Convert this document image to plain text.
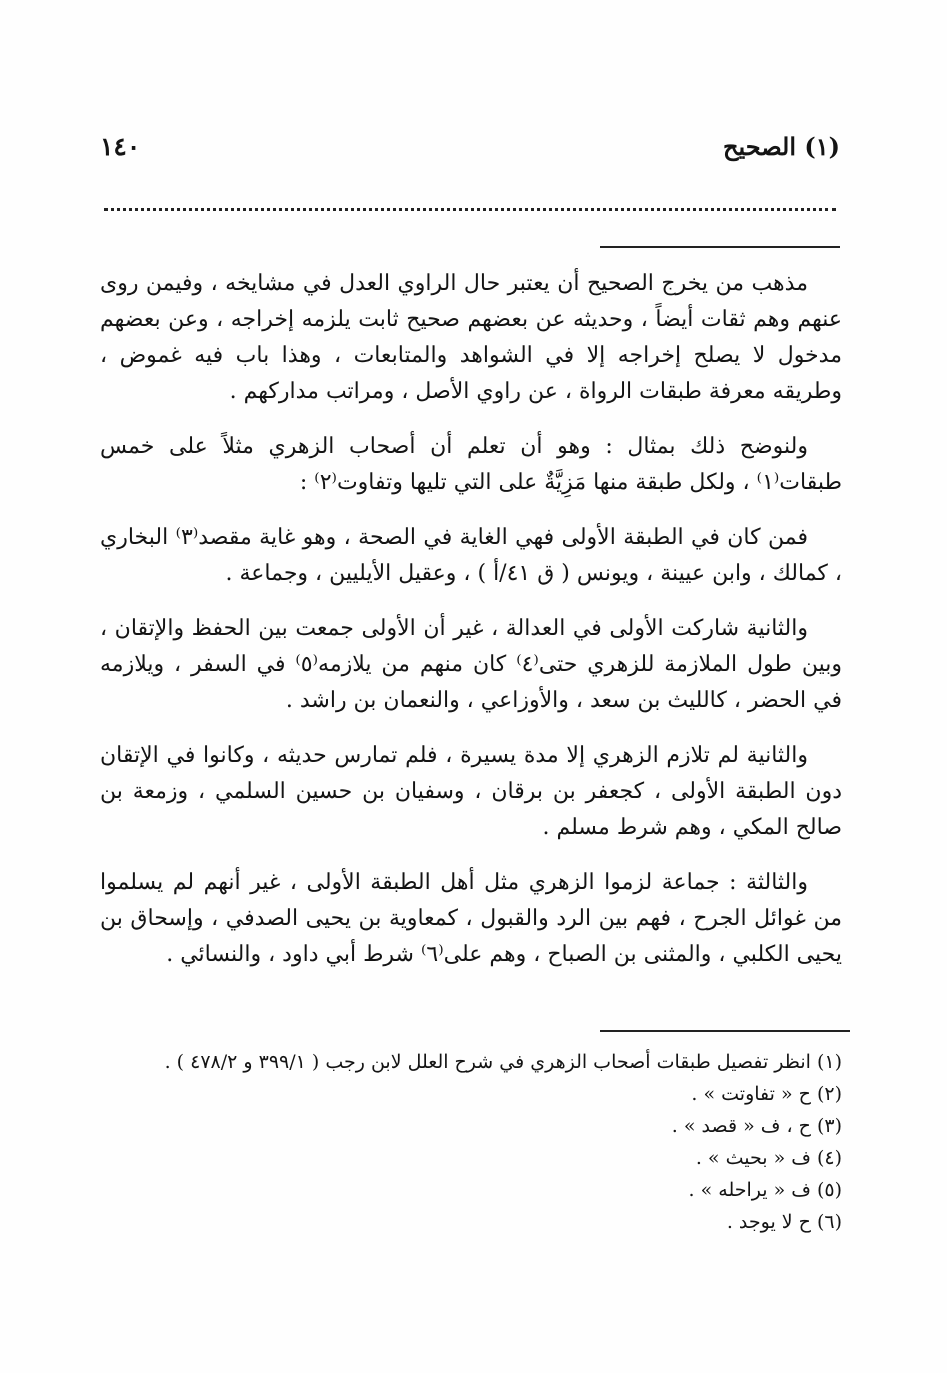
١٤٠	(١) الصحيح

مذهب من يخرج الصحيح أن يعتبر حال الراوي العدل في مشايخه ، وفيمن روى عنهم وهم ثقات أيضاً ، وحديثه عن بعضهم صحيح ثابت يلزمه إخراجه ، وعن بعضهم مدخول لا يصلح إخراجه إلا في الشواهد والمتابعات ، وهذا باب فيه غموض ، وطريقه معرفة طبقات الرواة ، عن راوي الأصل ، ومراتب مداركهم .

ولنوضح ذلك بمثال : وهو أن تعلم أن أصحاب الزهري مثلاً على خمس طبقات⁽١⁾ ، ولكل طبقة منها مَزِيَّةٌ على التي تليها وتفاوت⁽٢⁾ :

فمن كان في الطبقة الأولى فهي الغاية في الصحة ، وهو غاية مقصد⁽٣⁾ البخاري ، كمالك ، وابن عيينة ، ويونس ( ق ٤١/أ ) ، وعقيل الأيليين ، وجماعة .

والثانية شاركت الأولى في العدالة ، غير أن الأولى جمعت بين الحفظ والإتقان ، وبين طول الملازمة للزهري حتى⁽٤⁾ كان منهم من يلازمه⁽٥⁾ في السفر ، ويلازمه في الحضر ، كالليث بن سعد ، والأوزاعي ، والنعمان بن راشد .

والثانية لم تلازم الزهري إلا مدة يسيرة ، فلم تمارس حديثه ، وكانوا في الإتقان دون الطبقة الأولى ، كجعفر بن برقان ، وسفيان بن حسين السلمي ، وزمعة بن صالح المكي ، وهم شرط مسلم .

والثالثة : جماعة لزموا الزهري مثل أهل الطبقة الأولى ، غير أنهم لم يسلموا من غوائل الجرح ، فهم بين الرد والقبول ، كمعاوية بن يحيى الصدفي ، وإسحاق بن يحيى الكلبي ، والمثنى بن الصباح ، وهم على⁽٦⁾ شرط أبي داود ، والنسائي .

(١)انظر تفصيل طبقات أصحاب الزهري في شرح العلل لابن رجب ( ٣٩٩/١ و ٤٧٨/٢ ) .

(٢)ح « تفاوتت » .

(٣)ح ، ف « قصد » .

(٤)ف « بحيث » .

(٥)ف « يراحله » .

(٦)ح لا يوجد .
